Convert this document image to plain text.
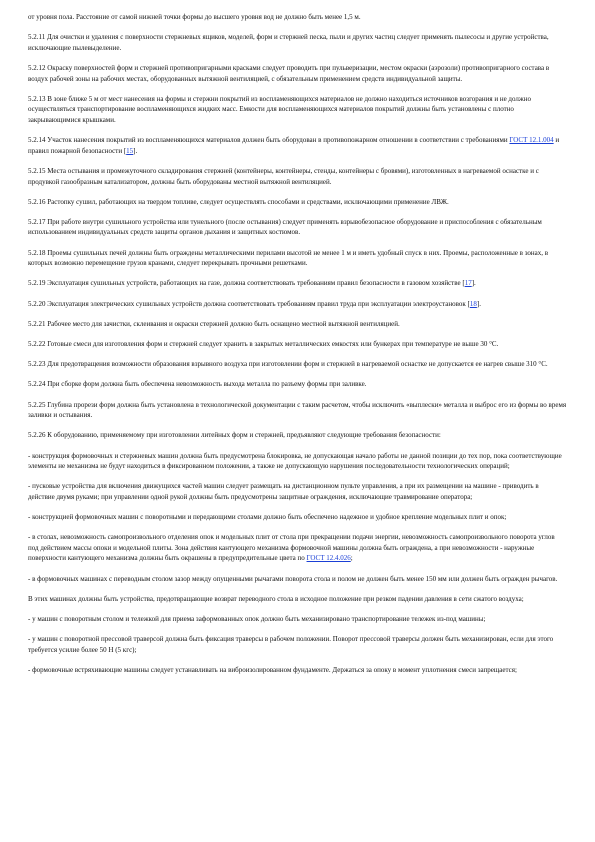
от уровня пола. Расстояние от самой нижней точки формы до высшего уровня вод не должно быть менее 1,5 м.

5.2.11 Для очистки и удаления с поверхности стержневых ящиков, моделей, форм и стержней песка, пыли и других частиц следует применять пылесосы и другие устройства, исключающие пылевыделение.

5.2.12 Окраску поверхностей форм и стержней противопригарными красками следует проводить при пульверизации, местом окраски (аэрозоли) противопригарного состава в воздух рабочей зоны на рабочих местах, оборудованных вытяжной вентиляцией, с обязательным применением средств индивидуальной защиты.

5.2.13 В зоне ближе 5 м от мест нанесения на формы и стержни покрытий из воспламеняющихся материалов не должно находиться источников возгорания и не должно осуществляться транспортирование воспламеняющихся жидких масс. Емкости для воспламеняющихся материалов покрытий должны быть установлены с плотно закрывающимися крышками.

5.2.14 Участок нанесения покрытий из воспламеняющихся материалов должен быть оборудован в противопожарном отношении в соответствии с требованиями ГОСТ 12.1.004 и правил пожарной безопасности [15].

5.2.15 Места остывания и промежуточного складирования стержней (контейнеры, контейнеры, стенды, контейнеры с бровями), изготовленных в нагреваемой оснастке и с продувкой газообразным катализатором, должны быть оборудованы местной вытяжной вентиляцией.

5.2.16 Растопку сушил, работающих на твердом топливе, следует осуществлять способами и средствами, исключающими применение ЛВЖ.

5.2.17 При работе внутри сушильного устройства или тунельного (после остывания) следует применять взрывобезопасное оборудование и приспособления с обязательным использованием индивидуальных средств защиты органов дыхания и защитных костюмов.

5.2.18 Проемы сушильных печей должны быть ограждены металлическими перилами высотой не менее 1 м и иметь удобный спуск в них. Проемы, расположенные в зонах, в которых возможно перемещение грузов кранами, следует перекрывать прочными решетками.

5.2.19 Эксплуатация сушильных устройств, работающих на газе, должна соответствовать требованиям правил безопасности в газовом хозяйстве [17].

5.2.20 Эксплуатация электрических сушильных устройств должна соответствовать требованиям правил труда при эксплуатации электроустановок [18].

5.2.21 Рабочее место для зачистки, склеивания и окраски стержней должно быть оснащено местной вытяжной вентиляцией.

5.2.22 Готовые смеси для изготовления форм и стержней следует хранить в закрытых металлических емкостях или бункерах при температуре не выше 30 °С.

5.2.23 Для предотвращения возможности образования взрывного воздуха при изготовлении форм и стержней в нагреваемой оснастке не допускается ее нагрев свыше 310 °С.

5.2.24 При сборке форм должна быть обеспечена невозможность выхода металла по разъему формы при заливке.

5.2.25 Глубина прорези форм должна быть установлена в технологической документации с таким расчетом, чтобы исключить «выплески» металла и выброс его из формы во время заливки и остывания.

5.2.26 К оборудованию, применяемому при изготовлении литейных форм и стержней, предъявляют следующие требования безопасности:

- конструкция формовочных и стержневых машин должна быть предусмотрена блокировка, не допускающая начало работы не данной позиции до тех пор, пока соответствующие элементы не механизма не будут находиться в фиксированном положении, а также не допускающую нарушения последовательности технологических операций;

- пусковые устройства для включения движущихся частей машин следует размещать на дистанционном пульте управления, а при их размещении на машине - приводить в действие двумя руками; при управлении одной рукой должны быть предусмотрены защитные ограждения, исключающие травмирование оператора;

- конструкцией формовочных машин с поворотными и передающими столами должно быть обеспечено надежное и удобное крепление модельных плит и опок;

- в столах, невозможность самопроизвольного отделения опок и модельных плит от стола при прекращении подачи энергии, невозможность самопроизвольного поворота углов под действием массы опоки и модельной плиты. Зона действия кантующего механизма формовочной машины должна быть ограждена, а при невозможности - наружные поверхности кантующего механизма должны быть окрашены в предупредительные цвета по ГОСТ 12.4.026;

- в формовочных машинах с переводным столом зазор между опущенными рычагами поворота стола и полом не должен быть менее 150 мм или должен быть огражден рычагов.

В этих машинах должны быть устройства, предотвращающие возврат переводного стола в исходное положение при резком падении давления в сети сжатого воздуха;

- у машин с поворотным столом и тележкой для приема заформованных опок должно быть механизировано транспортирование тележек из-под машины;

- у машин с поворотной прессовой траверсой должна быть фиксация траверсы в рабочем положении. Поворот прессовой траверсы должен быть механизирован, если для этого требуется усилие более 50 Н (5 кгс);

- формовочные встряхивающие машины следует устанавливать на виброизолированном фундаменте. Держаться за опоку в момент уплотнения смеси запрещается;
